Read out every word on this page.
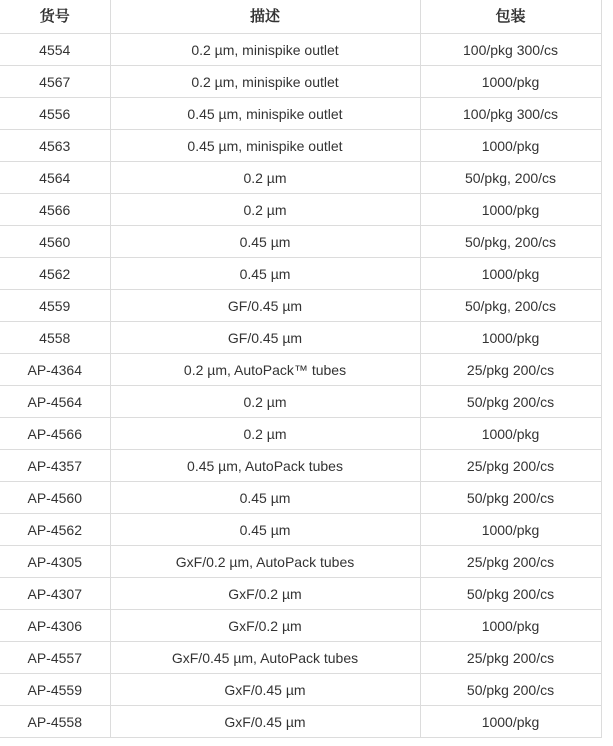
货号	描述	包装
4554	0.2 µm, minispike outlet	100/pkg 300/cs
4567	0.2 µm, minispike outlet	1000/pkg
4556	0.45 µm, minispike outlet	100/pkg 300/cs
4563	0.45 µm, minispike outlet	1000/pkg
4564	0.2 µm	50/pkg, 200/cs
4566	0.2 µm	1000/pkg
4560	0.45 µm	50/pkg, 200/cs
4562	0.45 µm	1000/pkg
4559	GF/0.45 µm	50/pkg, 200/cs
4558	GF/0.45 µm	1000/pkg
AP-4364	0.2 µm, AutoPack™ tubes	25/pkg 200/cs
AP-4564	0.2 µm	50/pkg 200/cs
AP-4566	0.2 µm	1000/pkg
AP-4357	0.45 µm, AutoPack tubes	25/pkg 200/cs
AP-4560	0.45 µm	50/pkg 200/cs
AP-4562	0.45 µm	1000/pkg
AP-4305	GxF/0.2 µm, AutoPack tubes	25/pkg 200/cs
AP-4307	GxF/0.2 µm	50/pkg 200/cs
AP-4306	GxF/0.2 µm	1000/pkg
AP-4557	GxF/0.45 µm, AutoPack tubes	25/pkg 200/cs
AP-4559	GxF/0.45 µm	50/pkg 200/cs
AP-4558	GxF/0.45 µm	1000/pkg
